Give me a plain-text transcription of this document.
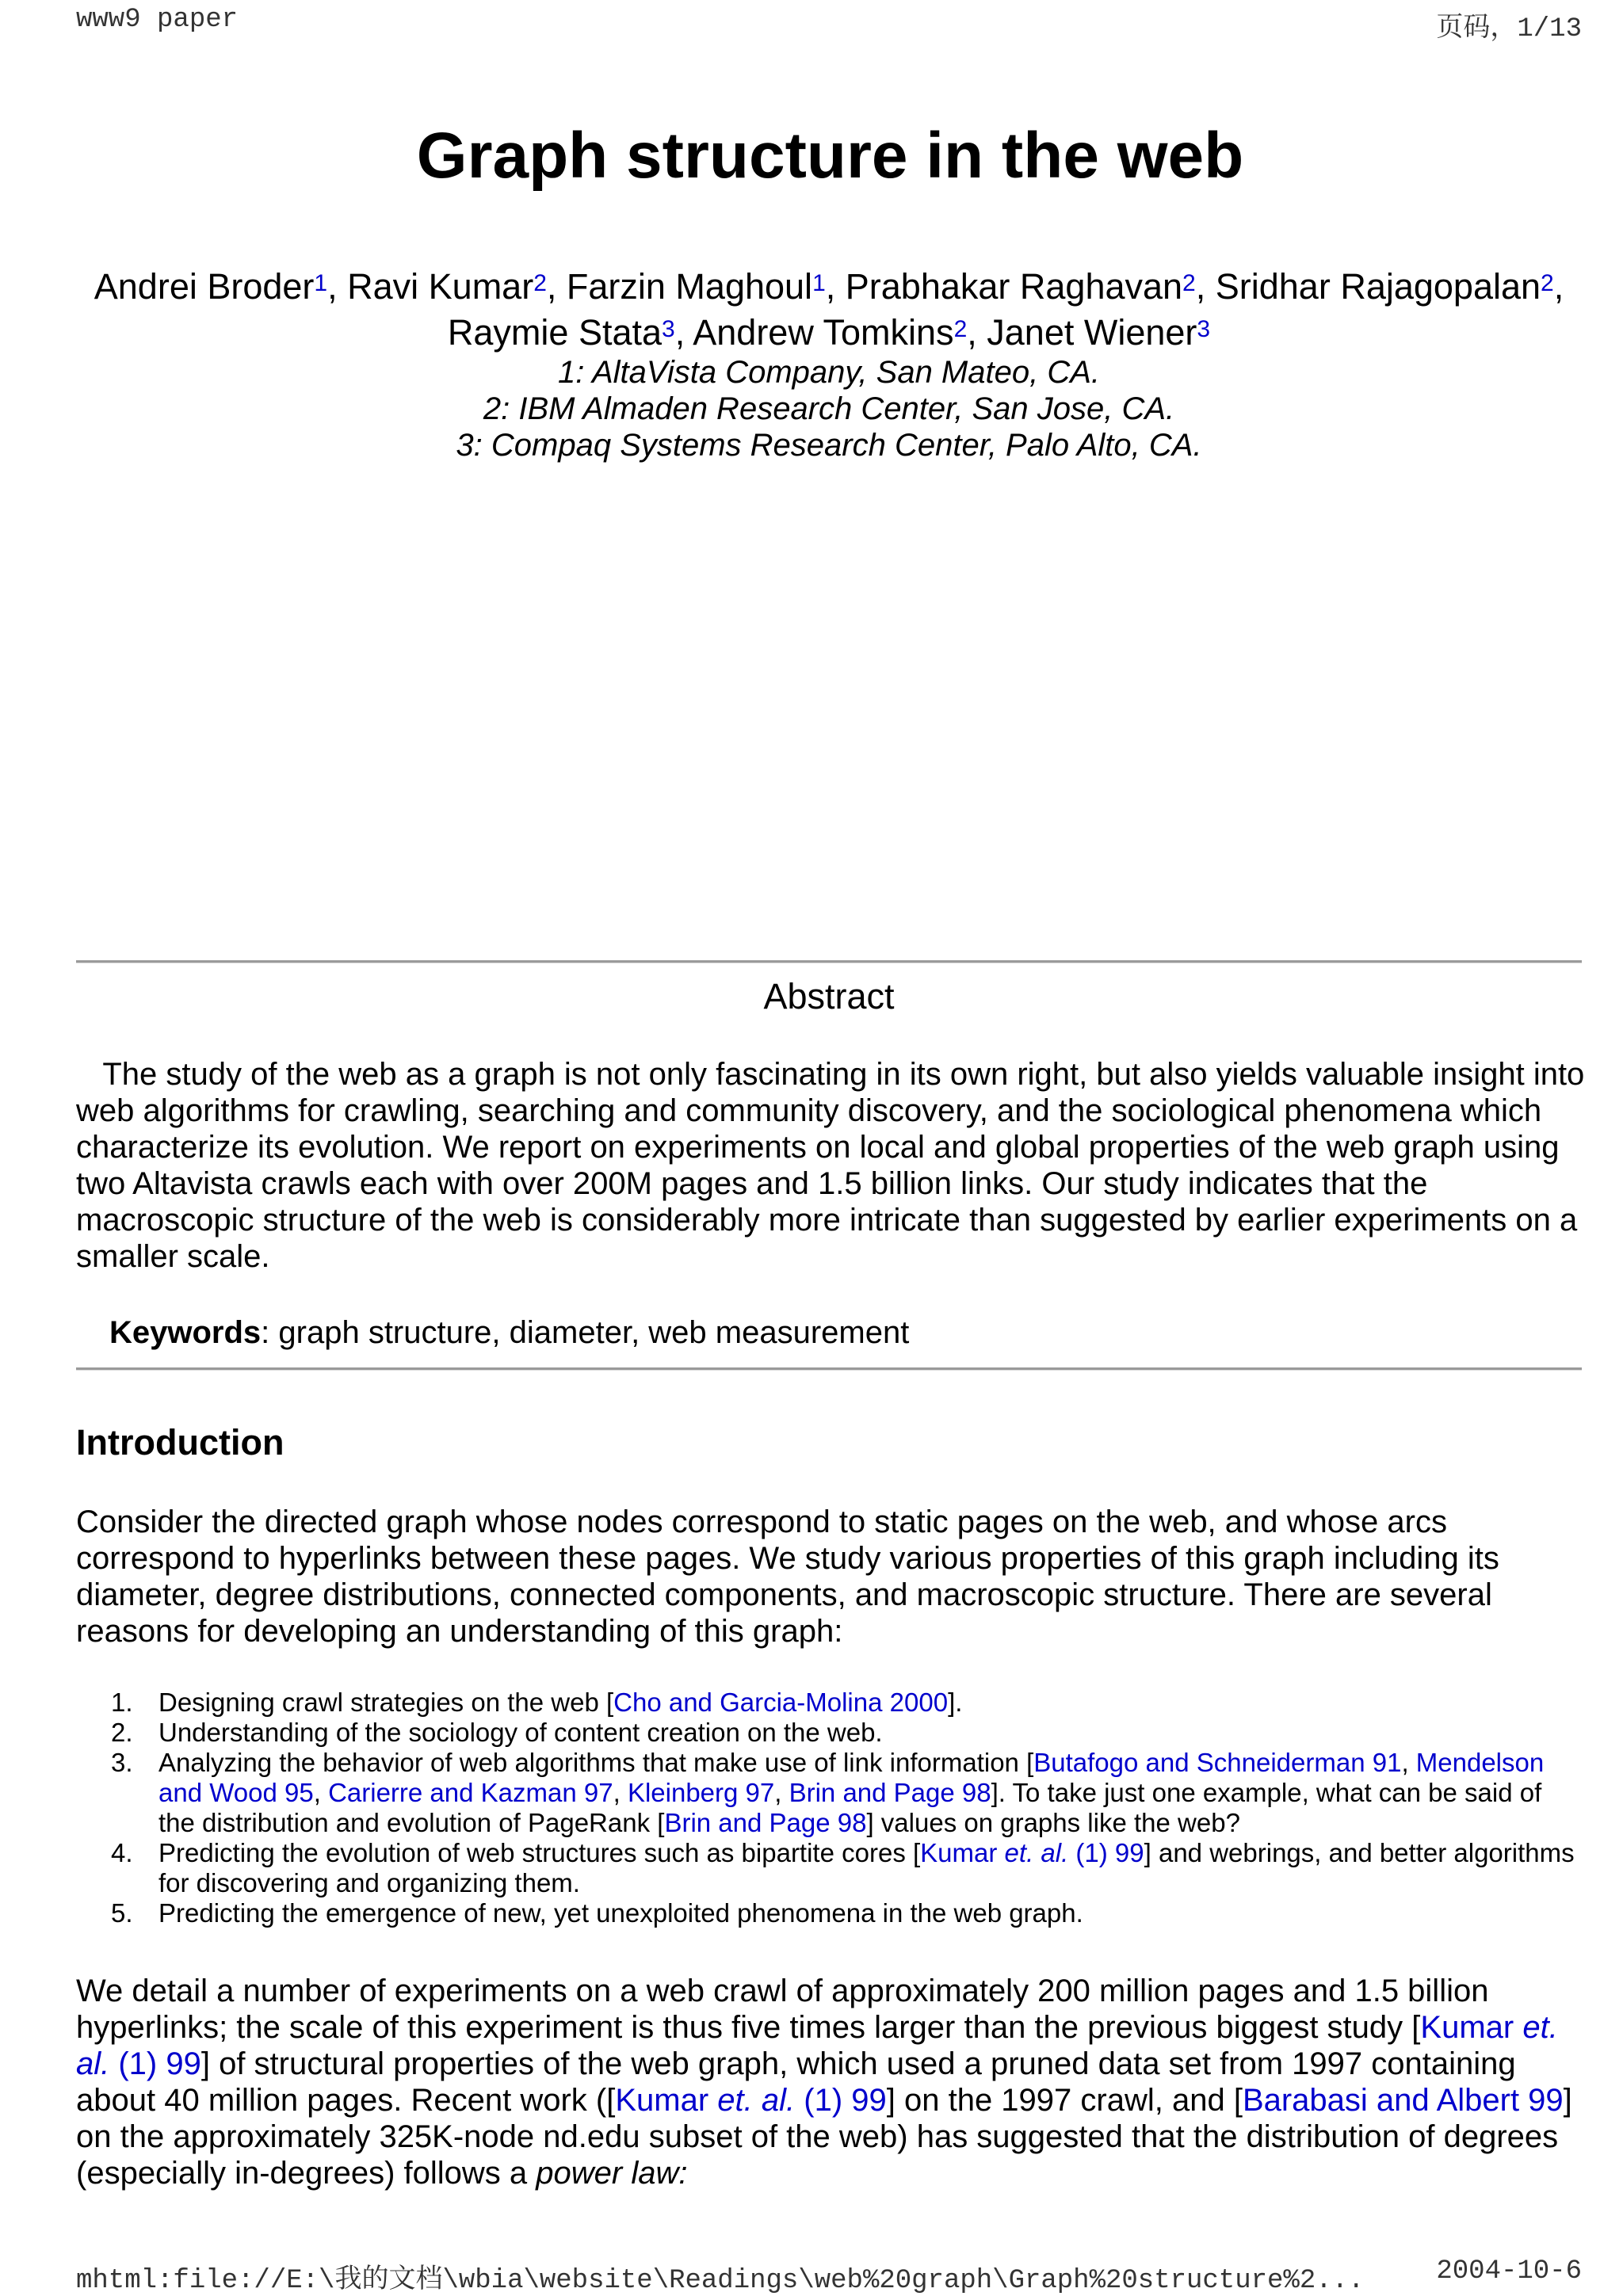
www9 paper	页码，1/13
Graph structure in the web
Andrei Broder$^1$, Ravi Kumar$^2$, Farzin Maghoul$^1$, Prabhakar Raghavan$^2$, Sridhar Rajagopalan$^2$, Raymie Stata$^3$, Andrew Tomkins$^2$, Janet Wiener$^3$
1: AltaVista Company, San Mateo, CA.
2: IBM Almaden Research Center, San Jose, CA.
3: Compaq Systems Research Center, Palo Alto, CA.
Abstract

The study of the web as a graph is not only fascinating in its own right, but also yields valuable insight into web algorithms for crawling, searching and community discovery, and the sociological phenomena which characterize its evolution. We report on experiments on local and global properties of the web graph using two Altavista crawls each with over 200M pages and 1.5 billion links. Our study indicates that the macroscopic structure of the web is considerably more intricate than suggested by earlier experiments on a smaller scale.

Keywords: graph structure, diameter, web measurement

Introduction

Consider the directed graph whose nodes correspond to static pages on the web, and whose arcs correspond to hyperlinks between these pages. We study various properties of this graph including its diameter, degree distributions, connected components, and macroscopic structure. There are several reasons for developing an understanding of this graph:

1. Designing crawl strategies on the web [Cho and Garcia-Molina 2000].
2. Understanding of the sociology of content creation on the web.
3. Analyzing the behavior of web algorithms that make use of link information [Butafogo and Schneiderman 91, Mendelson and Wood 95, Carierre and Kazman 97, Kleinberg 97, Brin and Page 98]. To take just one example, what can be said of the distribution and evolution of PageRank [Brin and Page 98] values on graphs like the web?
4. Predicting the evolution of web structures such as bipartite cores [Kumar et. al. (1) 99] and webrings, and better algorithms for discovering and organizing them.
5. Predicting the emergence of new, yet unexploited phenomena in the web graph.

We detail a number of experiments on a web crawl of approximately 200 million pages and 1.5 billion hyperlinks; the scale of this experiment is thus five times larger than the previous biggest study [Kumar et. al. (1) 99] of structural properties of the web graph, which used a pruned data set from 1997 containing about 40 million pages. Recent work ([Kumar et. al. (1) 99] on the 1997 crawl, and [Barabasi and Albert 99] on the approximately 325K-node nd.edu subset of the web) has suggested that the distribution of degrees (especially in-degrees) follows a power law:

mhtml:file://E:\我的文档\wbia\website\Readings\web%20graph\Graph%20structure%2...	2004-10-6
